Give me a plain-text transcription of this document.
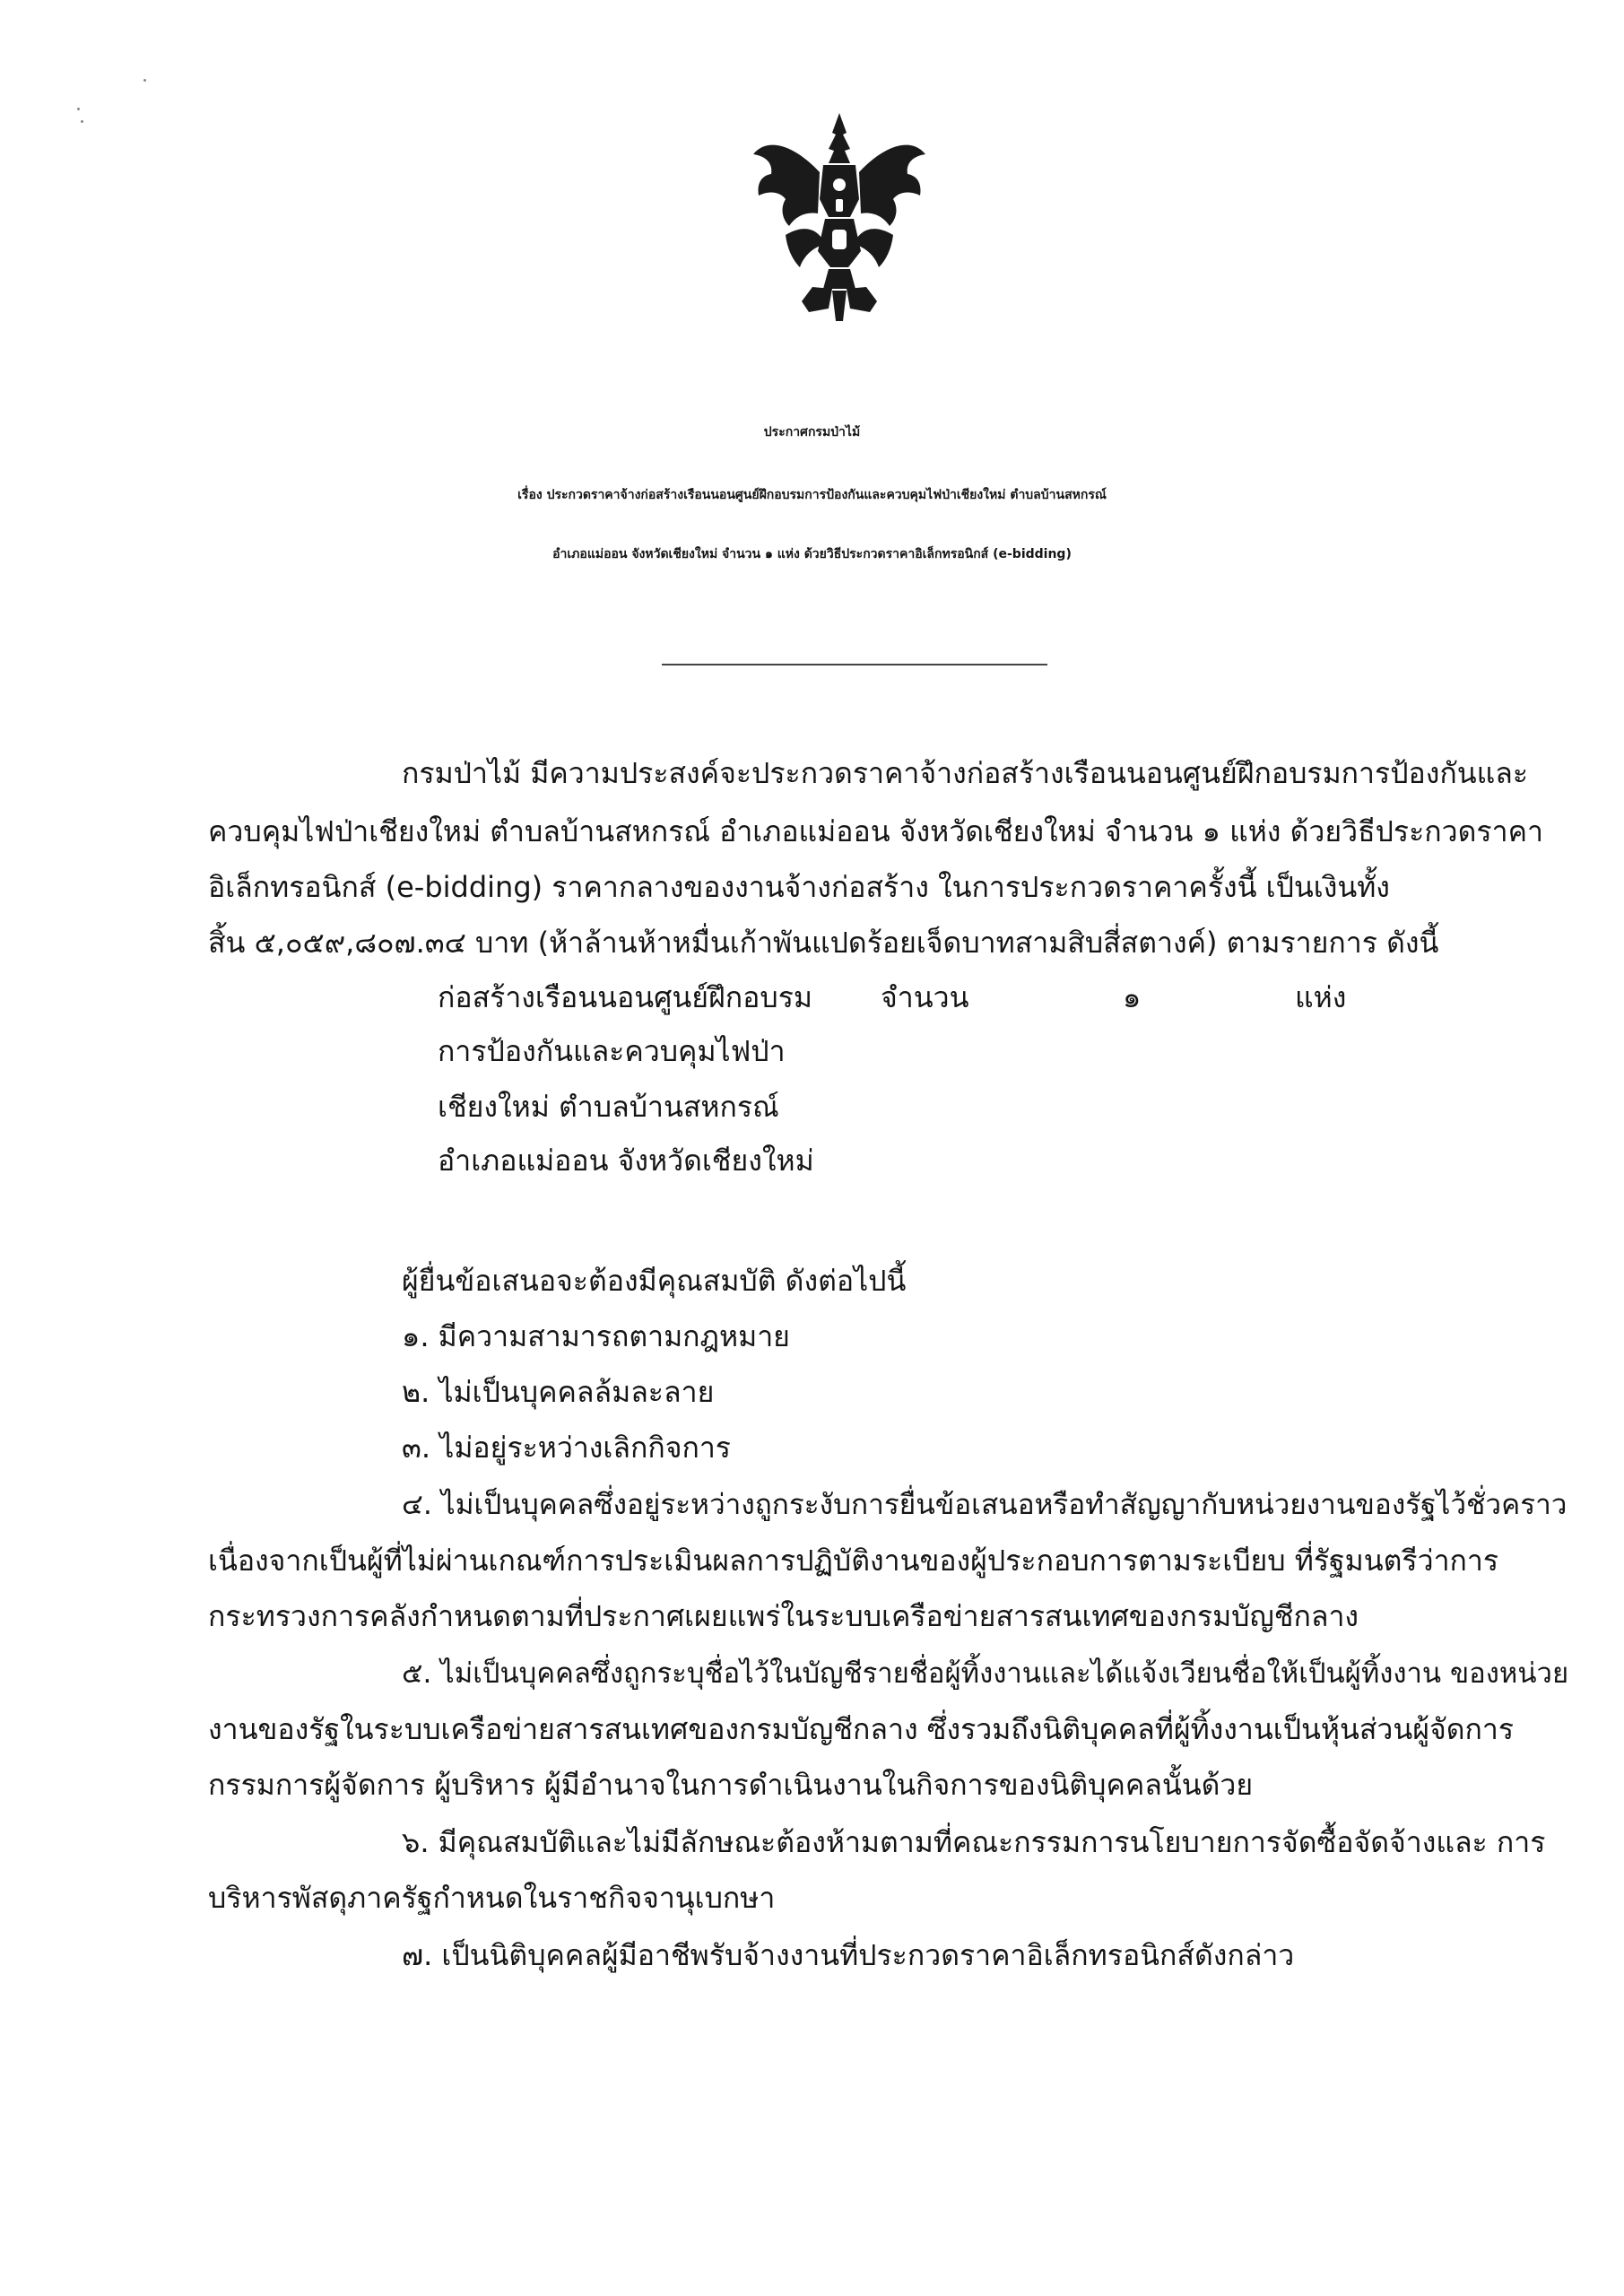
ประกาศกรมป่าไม้
เรื่อง ประกวดราคาจ้างก่อสร้างเรือนนอนศูนย์ฝึกอบรมการป้องกันและควบคุมไฟป่าเชียงใหม่ ตำบลบ้านสหกรณ์
อำเภอแม่ออน จังหวัดเชียงใหม่ จำนวน ๑ แห่ง ด้วยวิธีประกวดราคาอิเล็กทรอนิกส์ (e-bidding)
กรมป่าไม้ มีความประสงค์จะประกวดราคาจ้างก่อสร้างเรือนนอนศูนย์ฝึกอบรมการป้องกันและ
ควบคุมไฟป่าเชียงใหม่ ตำบลบ้านสหกรณ์ อำเภอแม่ออน จังหวัดเชียงใหม่ จำนวน ๑ แห่ง ด้วยวิธีประกวดราคา
อิเล็กทรอนิกส์ (e-bidding) ราคากลางของงานจ้างก่อสร้าง ในการประกวดราคาครั้งนี้ เป็นเงินทั้ง
สิ้น ๕,๐๕๙,๘๐๗.๓๔ บาท (ห้าล้านห้าหมื่นเก้าพันแปดร้อยเจ็ดบาทสามสิบสี่สตางค์) ตามรายการ ดังนี้
ก่อสร้างเรือนนอนศูนย์ฝึกอบรม
การป้องกันและควบคุมไฟป่า
เชียงใหม่ ตำบลบ้านสหกรณ์
อำเภอแม่ออน จังหวัดเชียงใหม่
จำนวน	๑	แห่ง
ผู้ยื่นข้อเสนอจะต้องมีคุณสมบัติ ดังต่อไปนี้
๑. มีความสามารถตามกฎหมาย
๒. ไม่เป็นบุคคลล้มละลาย
๓. ไม่อยู่ระหว่างเลิกกิจการ
๔. ไม่เป็นบุคคลซึ่งอยู่ระหว่างถูกระงับการยื่นข้อเสนอหรือทำสัญญากับหน่วยงานของรัฐไว้ชั่วคราว
เนื่องจากเป็นผู้ที่ไม่ผ่านเกณฑ์การประเมินผลการปฏิบัติงานของผู้ประกอบการตามระเบียบ ที่รัฐมนตรีว่าการ
กระทรวงการคลังกำหนดตามที่ประกาศเผยแพร่ในระบบเครือข่ายสารสนเทศของกรมบัญชีกลาง
๕. ไม่เป็นบุคคลซึ่งถูกระบุชื่อไว้ในบัญชีรายชื่อผู้ทิ้งงานและได้แจ้งเวียนชื่อให้เป็นผู้ทิ้งงาน ของหน่วย
งานของรัฐในระบบเครือข่ายสารสนเทศของกรมบัญชีกลาง ซึ่งรวมถึงนิติบุคคลที่ผู้ทิ้งงานเป็นหุ้นส่วนผู้จัดการ
กรรมการผู้จัดการ ผู้บริหาร ผู้มีอำนาจในการดำเนินงานในกิจการของนิติบุคคลนั้นด้วย
๖. มีคุณสมบัติและไม่มีลักษณะต้องห้ามตามที่คณะกรรมการนโยบายการจัดซื้อจัดจ้างและ การ
บริหารพัสดุภาครัฐกำหนดในราชกิจจานุเบกษา
๗. เป็นนิติบุคคลผู้มีอาชีพรับจ้างงานที่ประกวดราคาอิเล็กทรอนิกส์ดังกล่าว
